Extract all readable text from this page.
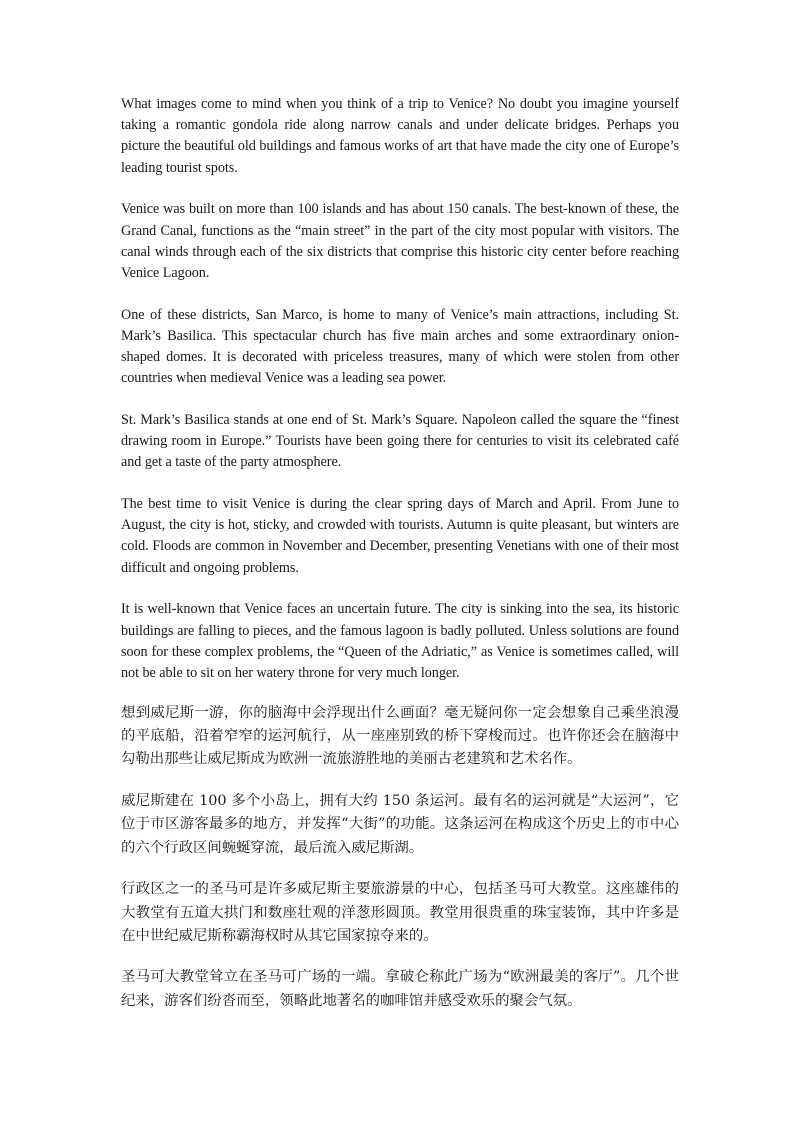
What images come to mind when you think of a trip to Venice? No doubt you imagine yourself taking a romantic gondola ride along narrow canals and under delicate bridges. Perhaps you picture the beautiful old buildings and famous works of art that have made the city one of Europe’s leading tourist spots.

Venice was built on more than 100 islands and has about 150 canals. The best-known of these, the Grand Canal, functions as the “main street” in the part of the city most popular with visitors. The canal winds through each of the six districts that comprise this historic city center before reaching Venice Lagoon.

One of these districts, San Marco, is home to many of Venice’s main attractions, including St. Mark’s Basilica. This spectacular church has five main arches and some extraordinary onion-shaped domes. It is decorated with priceless treasures, many of which were stolen from other countries when medieval Venice was a leading sea power.

St. Mark’s Basilica stands at one end of St. Mark’s Square. Napoleon called the square the “finest drawing room in Europe.” Tourists have been going there for centuries to visit its celebrated café and get a taste of the party atmosphere.

The best time to visit Venice is during the clear spring days of March and April. From June to August, the city is hot, sticky, and crowded with tourists. Autumn is quite pleasant, but winters are cold. Floods are common in November and December, presenting Venetians with one of their most difficult and ongoing problems.

It is well-known that Venice faces an uncertain future. The city is sinking into the sea, its historic buildings are falling to pieces, and the famous lagoon is badly polluted. Unless solutions are found soon for these complex problems, the “Queen of the Adriatic,” as Venice is sometimes called, will not be able to sit on her watery throne for very much longer.

想到威尼斯一游，你的脑海中会浮现出什么画面？毫无疑问你一定会想象自己乘坐浪漫的平底船，沿着窄窄的运河航行，从一座座别致的桥下穿梭而过。也许你还会在脑海中勾勒出那些让威尼斯成为欧洲一流旅游胜地的美丽古老建筑和艺术名作。

威尼斯建在 100 多个小岛上，拥有大约 150 条运河。最有名的运河就是“大运河”，它位于市区游客最多的地方，并发挥“大街”的功能。这条运河在构成这个历史上的市中心的六个行政区间蜿蜒穿流，最后流入威尼斯湖。

行政区之一的圣马可是许多威尼斯主要旅游景的中心，包括圣马可大教堂。这座雄伟的大教堂有五道大拱门和数座壮观的洋葱形圆顶。教堂用很贵重的珠宝装饰，其中许多是在中世纪威尼斯称霸海权时从其它国家掠夺来的。

圣马可大教堂耸立在圣马可广场的一端。拿破仑称此广场为“欧洲最美的客厅”。几个世纪来，游客们纷沓而至，领略此地著名的咖啡馆并感受欢乐的聚会气氛。
